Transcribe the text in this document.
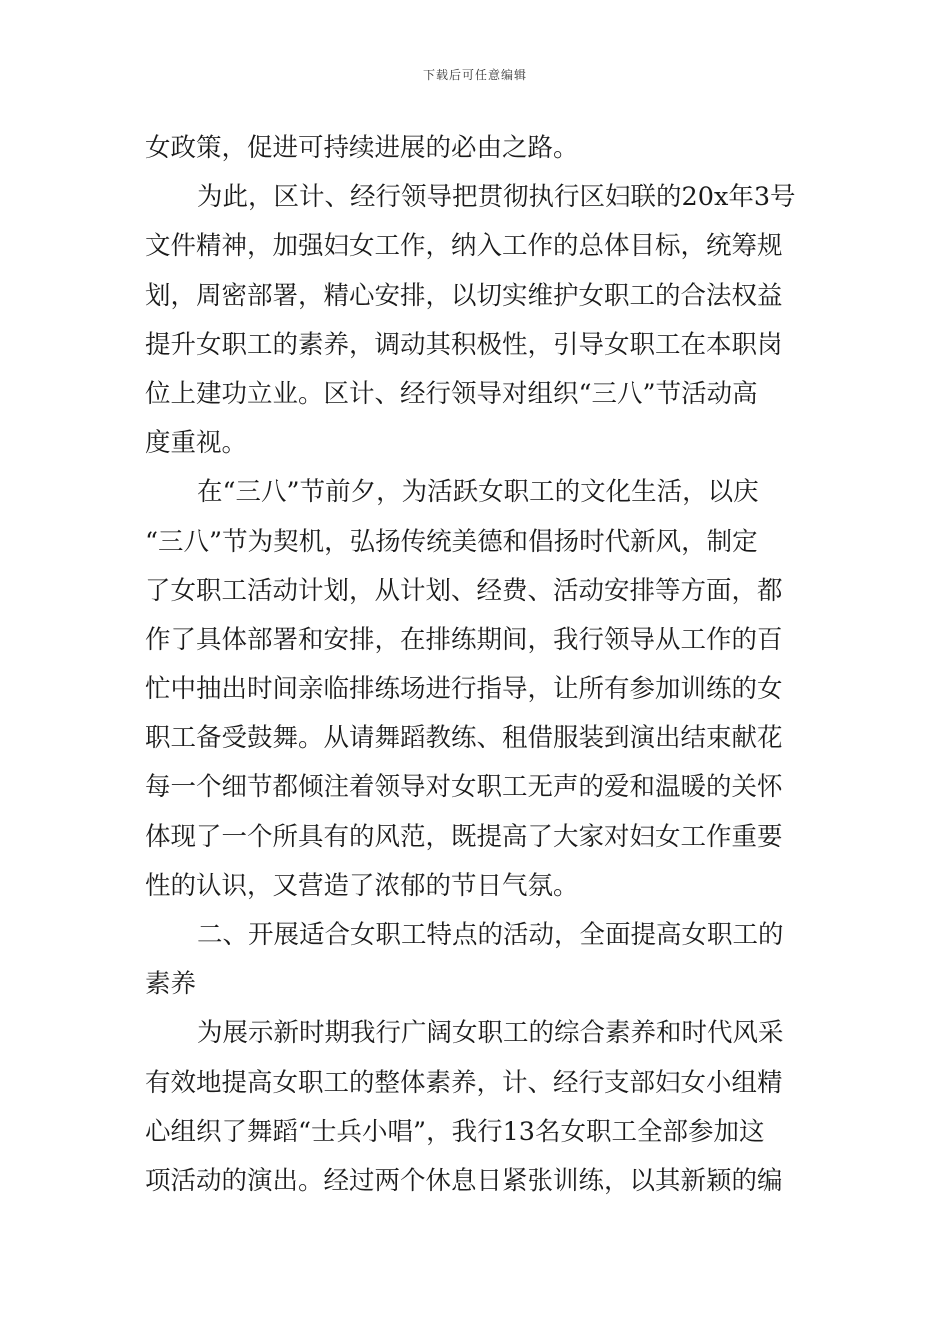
下载后可任意编辑
女政策，促进可持续进展的必由之路。
为此，区计、经行领导把贯彻执行区妇联的20x年3号
文件精神，加强妇女工作，纳入工作的总体目标，统筹规
划，周密部署，精心安排，以切实维护女职工的合法权益
提升女职工的素养，调动其积极性，引导女职工在本职岗
位上建功立业。区计、经行领导对组织“三八”节活动高
度重视。
在“三八”节前夕，为活跃女职工的文化生活，以庆
“三八”节为契机，弘扬传统美德和倡扬时代新风，制定
了女职工活动计划，从计划、经费、活动安排等方面，都
作了具体部署和安排，在排练期间，我行领导从工作的百
忙中抽出时间亲临排练场进行指导，让所有参加训练的女
职工备受鼓舞。从请舞蹈教练、租借服装到演出结束献花
每一个细节都倾注着领导对女职工无声的爱和温暖的关怀
体现了一个所具有的风范，既提高了大家对妇女工作重要
性的认识，又营造了浓郁的节日气氛。
二、开展适合女职工特点的活动，全面提高女职工的
素养
为展示新时期我行广阔女职工的综合素养和时代风采
有效地提高女职工的整体素养，计、经行支部妇女小组精
心组织了舞蹈“士兵小唱”，我行13名女职工全部参加这
项活动的演出。经过两个休息日紧张训练，以其新颖的编
